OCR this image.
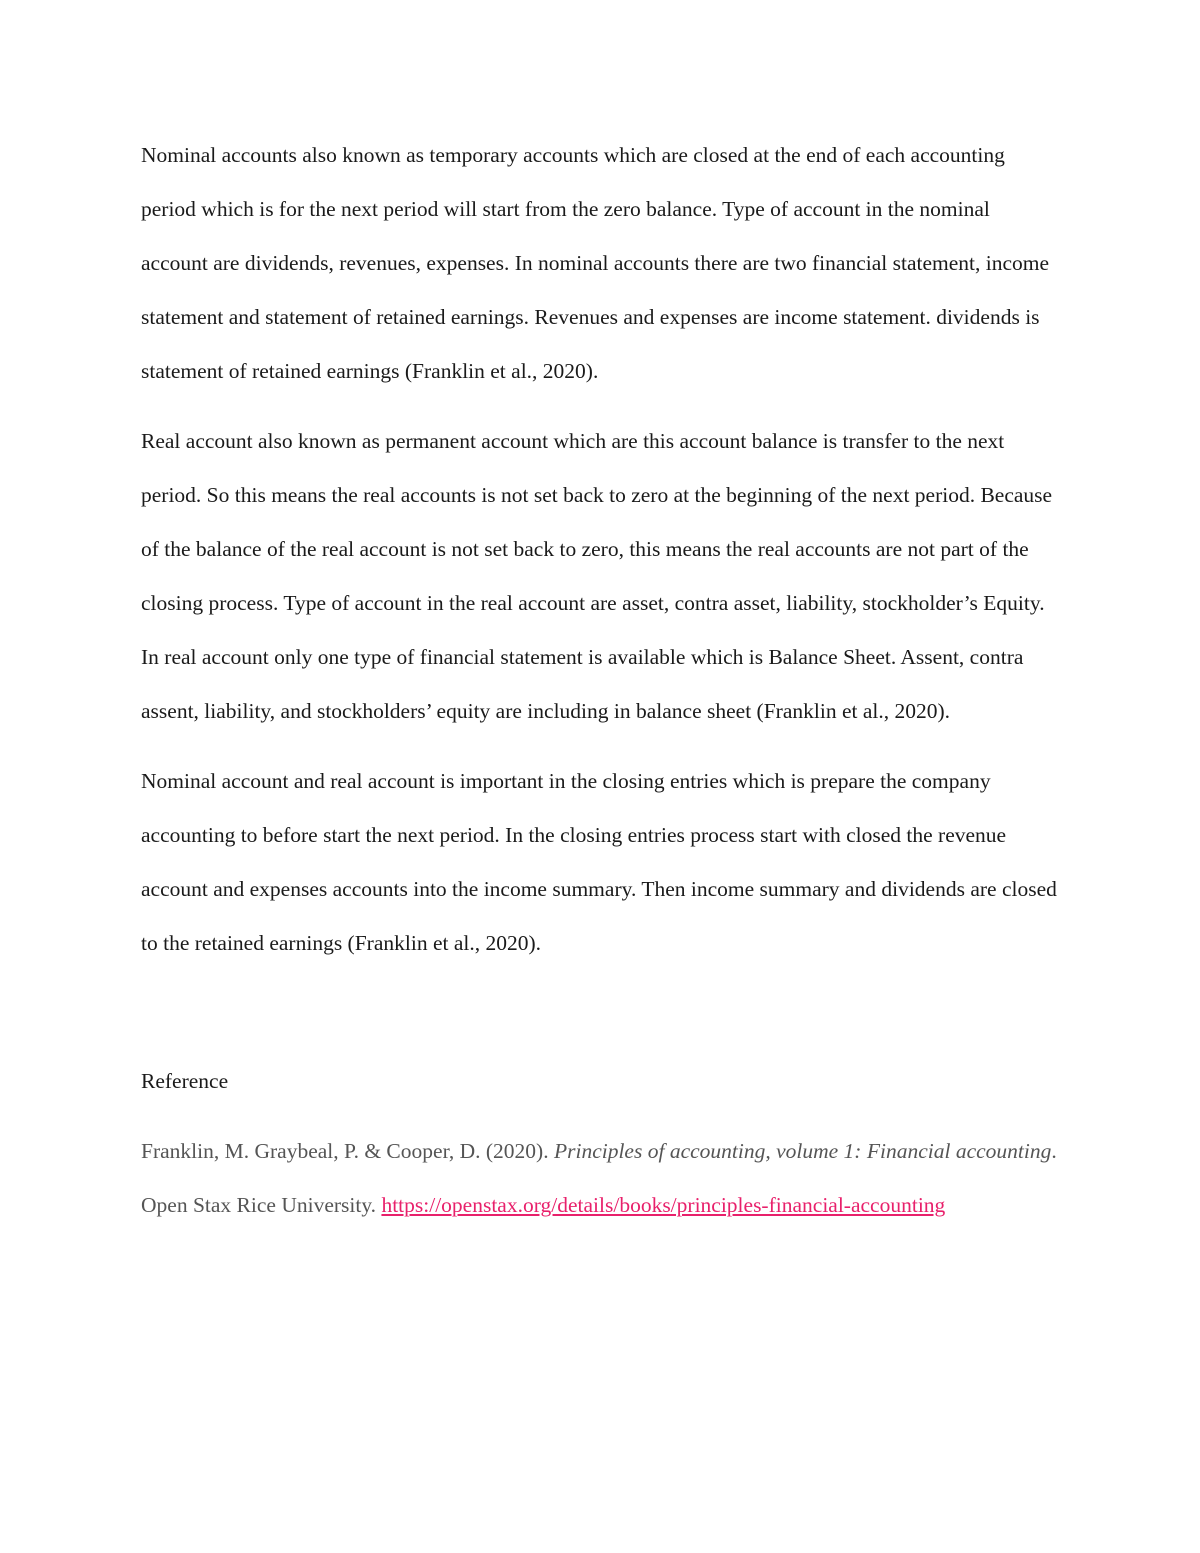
Nominal accounts also known as temporary accounts which are closed at the end of each accounting period which is for the next period will start from the zero balance. Type of account in the nominal account are dividends, revenues, expenses. In nominal accounts there are two financial statement, income statement and statement of retained earnings. Revenues and expenses are income statement. dividends is statement of retained earnings (Franklin et al., 2020).

Real account also known as permanent account which are this account balance is transfer to the next period. So this means the real accounts is not set back to zero at the beginning of the next period. Because of the balance of the real account is not set back to zero, this means the real accounts are not part of the closing process. Type of account in the real account are asset, contra asset, liability, stockholder’s Equity. In real account only one type of financial statement is available which is Balance Sheet. Assent, contra assent, liability, and stockholders’ equity are including in balance sheet (Franklin et al., 2020).

Nominal account and real account is important in the closing entries which is prepare the company accounting to before start the next period. In the closing entries process start with closed the revenue account and expenses accounts into the income summary. Then income summary and dividends are closed to the retained earnings (Franklin et al., 2020).

Reference

Franklin, M. Graybeal, P. & Cooper, D. (2020). Principles of accounting, volume 1: Financial accounting. Open Stax Rice University. https://openstax.org/details/books/principles-financial-accounting
